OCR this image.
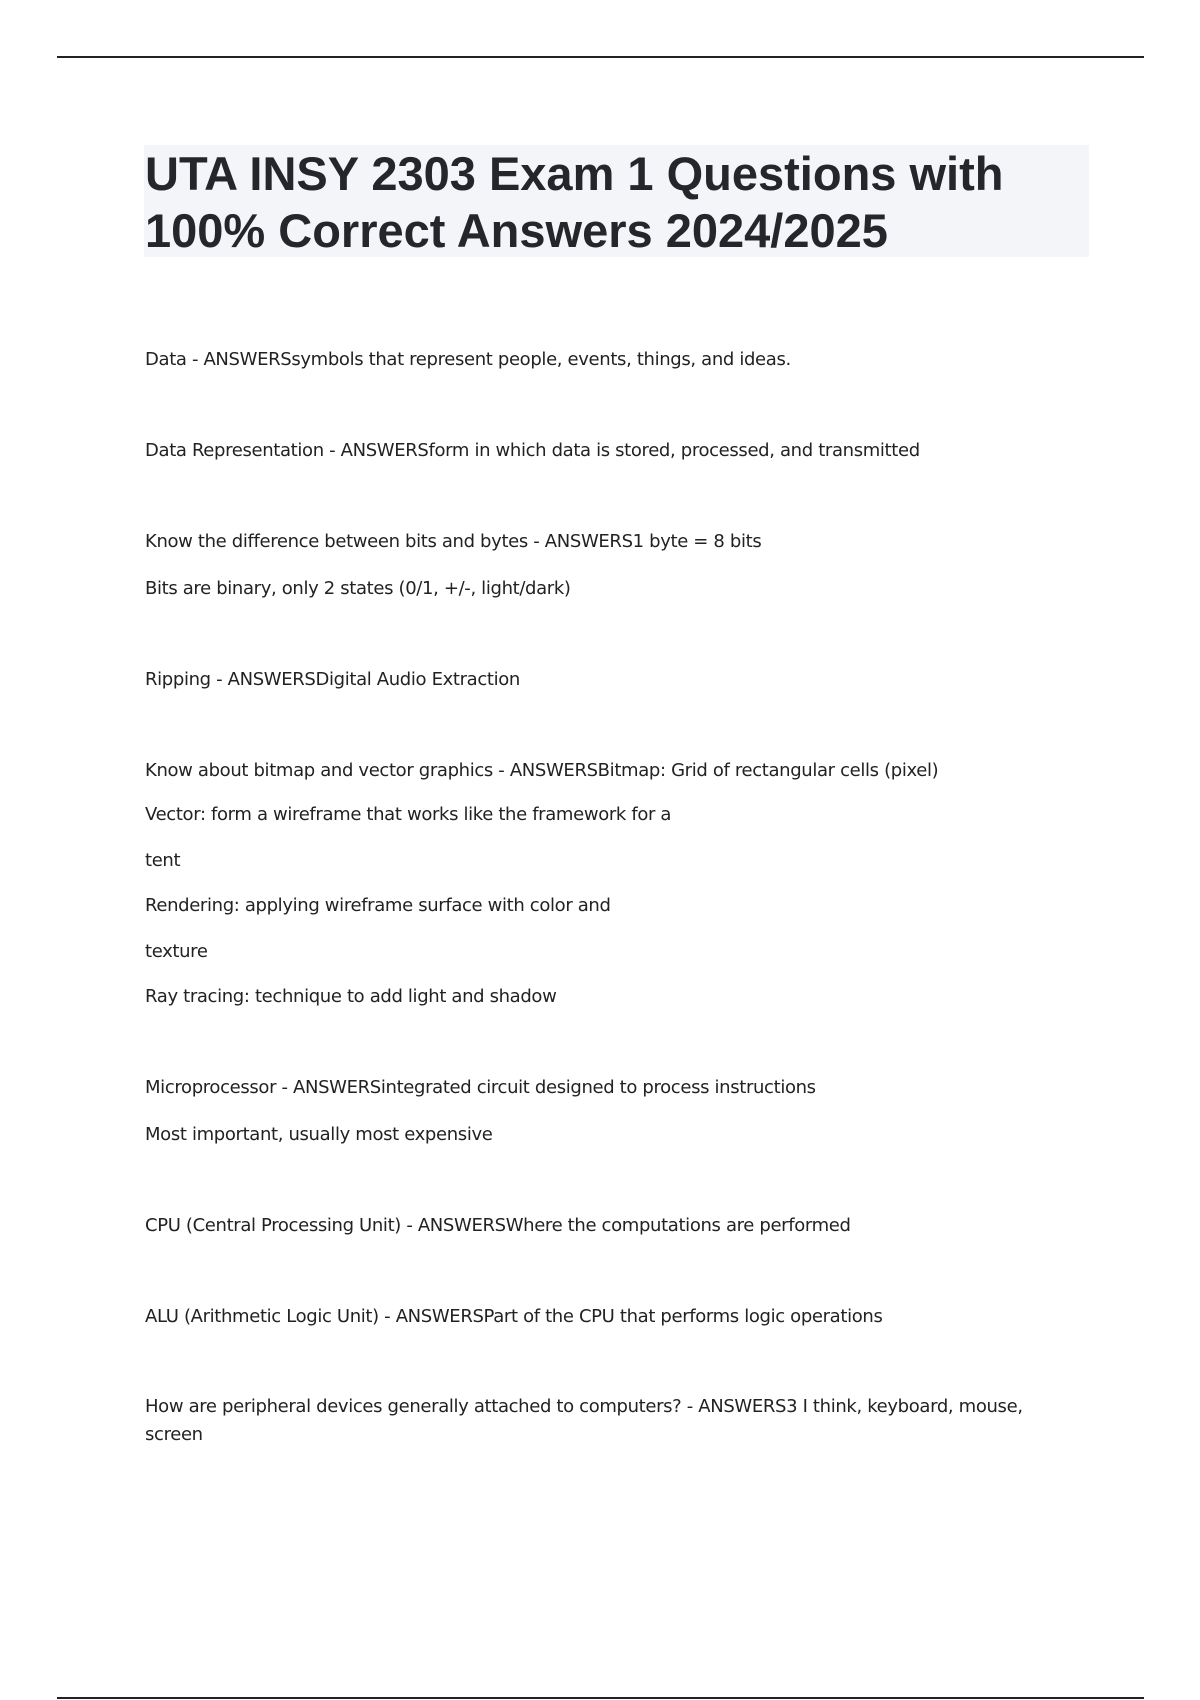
UTA INSY 2303 Exam 1 Questions with 100% Correct Answers 2024/2025

Data - ANSWERSsymbols that represent people, events, things, and ideas.

Data Representation - ANSWERSform in which data is stored, processed, and transmitted

Know the difference between bits and bytes - ANSWERS1 byte = 8 bits

Bits are binary, only 2 states (0/1, +/-, light/dark)

Ripping - ANSWERSDigital Audio Extraction

Know about bitmap and vector graphics - ANSWERSBitmap: Grid of rectangular cells (pixel)

Vector: form a wireframe that works like the framework for a

tent

Rendering: applying wireframe surface with color and

texture

Ray tracing: technique to add light and shadow

Microprocessor - ANSWERSintegrated circuit designed to process instructions

Most important, usually most expensive

CPU (Central Processing Unit) - ANSWERSWhere the computations are performed

ALU (Arithmetic Logic Unit) - ANSWERSPart of the CPU that performs logic operations

How are peripheral devices generally attached to computers? - ANSWERS3 I think, keyboard, mouse, screen
